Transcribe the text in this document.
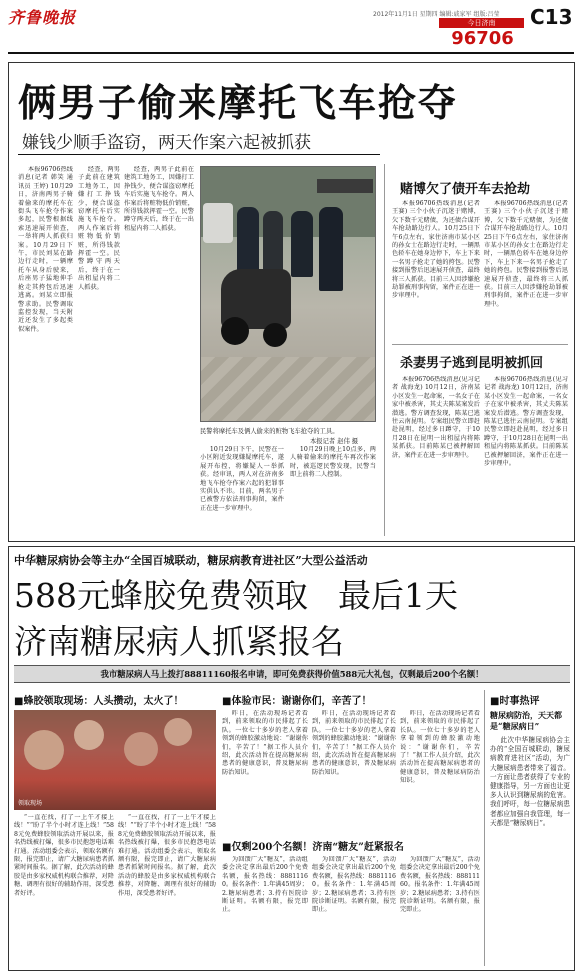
齐鲁晚报	2012年11月1日 星期四 编辑:戚家军 组版:吕莹
今日济南
96706
C13
俩男子偷来摩托飞车抢夺
嫌钱少顺手盗窃，两天作案六起被抓获

本报96706热线消息(记者 韩笑 通讯员 王婷) 10月29日，济南两男子骑着偷来的摩托车在街头飞车抢夺作案多起，民警根据线索迅速展开侦查，一举将两人抓获归案。10月29日下午，市民刘某在路边行走时，一辆摩托车从身后驶来，后座男子猛地伸手抢走其挎包后迅速逃离。刘某立即报警求助。民警调取监控发现，当天附近还发生了多起类似案件。

经查，两男子此前在建筑工地务工，因嫌打工挣钱少，便合谋盗窃摩托车后实施飞车抢夺。两人作案后将赃物低价销赃，所得钱款挥霍一空。民警蹲守两天后，终于在一出租屋内将二人抓获。

经查，两男子此前在建筑工地务工，因嫌打工挣钱少，便合谋盗窃摩托车后实施飞车抢夺。两人作案后将赃物低价销赃，所得钱款挥霍一空。民警蹲守两天后，终于在一出租屋内将二人抓获。

民警将摩托车及俩人偷来的赃物飞车抢夺的工具。
本报记者 赵伟 摄

10月29日下午，民警在一小区附近发现嫌疑摩托车，遂展开布控，将嫌疑人一举抓获。经审讯，两人对在济南多地飞车抢夺作案六起的犯罪事实供认不讳。目前，两名男子已被警方依法刑事拘留，案件正在进一步审理中。

10月29日晚上10点多，两人骑着偷来的摩托车再次作案时，被巡逻民警发现，民警当即上前将二人控制。

赌博欠了债开车去抢劫

本报96706热线消息(记者 王赛) 三个小伙子沉迷于赌博，欠下数千元赌债，为还债合谋开车抢劫路边行人。10月25日下午6点左右，家住济南市某小区的孙女士在路边行走时，一辆黑色轿车在她身边停下，车上下来一名男子抢走了她的挎包。民警接到报警后迅速展开侦查，最终将三人抓获。目前三人因涉嫌抢劫罪被刑事拘留，案件正在进一步审理中。

本报96706热线消息(记者 王赛) 三个小伙子沉迷于赌博，欠下数千元赌债，为还债合谋开车抢劫路边行人。10月25日下午6点左右，家住济南市某小区的孙女士在路边行走时，一辆黑色轿车在她身边停下，车上下来一名男子抢走了她的挎包。民警接到报警后迅速展开侦查，最终将三人抓获。目前三人因涉嫌抢劫罪被刑事拘留，案件正在进一步审理中。

杀妻男子逃到昆明被抓回

本报96706热线消息(见习记者 战海龙) 10月12日，济南某小区发生一起命案，一名女子在家中被杀害，其丈夫陈某案发后潜逃。警方调查发现，陈某已逃往云南昆明。专案组民警立即赶赴昆明，经过多日蹲守，于10月28日在昆明一出租屋内将陈某抓获。目前陈某已被押解回济，案件正在进一步审理中。

本报96706热线消息(见习记者 战海龙) 10月12日，济南某小区发生一起命案，一名女子在家中被杀害，其丈夫陈某案发后潜逃。警方调查发现，陈某已逃往云南昆明。专案组民警立即赶赴昆明，经过多日蹲守，于10月28日在昆明一出租屋内将陈某抓获。目前陈某已被押解回济，案件正在进一步审理中。

中华糖尿病协会等主办“全国百城联动，糖尿病教育进社区”大型公益活动
588元蜂胶免费领取 最后1天
济南糖尿病人抓紧报名
我市糖尿病人马上拨打88811160报名申请，即可免费获得价值588元大礼包，仅剩最后200个名额！
■蜂胶领取现场：人头攒动，太火了！
领取现场

“一直在找，打了一上午才接上线！”“盼了半个小时才连上线！”588元免费蜂胶领取活动开展以来，报名热线被打爆，很多市民抱怨电话难打通。活动组委会表示，领取名额有限，报完即止，请广大糖尿病患者抓紧时间报名。据了解，此次活动的蜂胶是由多家权威机构联合推荐，对降糖、调理有很好的辅助作用，深受患者好评。

“一直在找，打了一上午才接上线！”“盼了半个小时才连上线！”588元免费蜂胶领取活动开展以来，报名热线被打爆，很多市民抱怨电话难打通。活动组委会表示，领取名额有限，报完即止，请广大糖尿病患者抓紧时间报名。据了解，此次活动的蜂胶是由多家权威机构联合推荐，对降糖、调理有很好的辅助作用，深受患者好评。

■体验市民：谢谢你们，辛苦了！

昨日，在活动现场记者看到，前来领取的市民排起了长队。一位七十多岁的老人拿着领到的蜂胶激动地说：“谢谢你们，辛苦了！”据工作人员介绍，此次活动旨在提高糖尿病患者的健康意识，普及糖尿病防治知识。

昨日，在活动现场记者看到，前来领取的市民排起了长队。一位七十多岁的老人拿着领到的蜂胶激动地说：“谢谢你们，辛苦了！”据工作人员介绍，此次活动旨在提高糖尿病患者的健康意识，普及糖尿病防治知识。

昨日，在活动现场记者看到，前来领取的市民排起了长队。一位七十多岁的老人拿着领到的蜂胶激动地说：“谢谢你们，辛苦了！”据工作人员介绍，此次活动旨在提高糖尿病患者的健康意识，普及糖尿病防治知识。

■仅剩200个名额！济南“糖友”赶紧报名

为回馈广大“糖友”，活动组委会决定拿出最后200个免费名额，报名热线：88811160。报名条件：1.年满45周岁；2.糖尿病患者；3.持有医院诊断证明。名额有限，报完即止。

为回馈广大“糖友”，活动组委会决定拿出最后200个免费名额，报名热线：88811160。报名条件：1.年满45周岁；2.糖尿病患者；3.持有医院诊断证明。名额有限，报完即止。

为回馈广大“糖友”，活动组委会决定拿出最后200个免费名额，报名热线：88811160。报名条件：1.年满45周岁；2.糖尿病患者；3.持有医院诊断证明。名额有限，报完即止。

■时事热评
糖尿病防治，天天都是“糖尿病日”

此次中华糖尿病协会主办的“全国百城联动，糖尿病教育进社区”活动，为广大糖尿病患者带来了福音。一方面让患者获得了专业的健康指导，另一方面也让更多人认识到糖尿病的危害。我们呼吁，每一位糖尿病患者都应加强自我管理，每一天都是“糖尿病日”。
